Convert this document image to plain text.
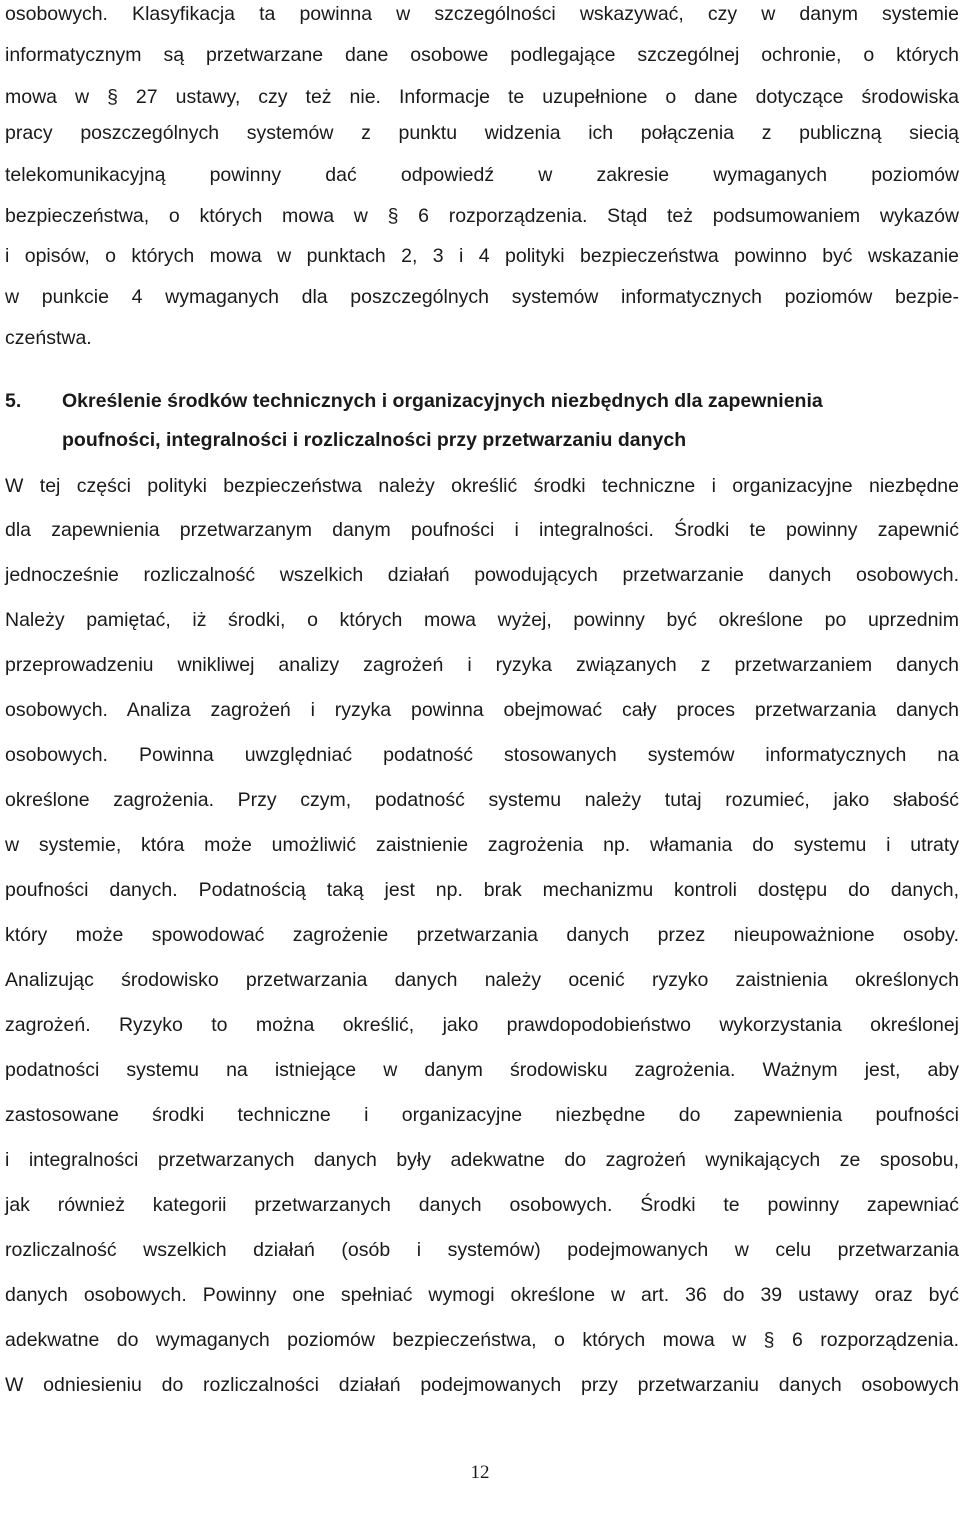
osobowych. Klasyfikacja ta powinna w szczególności wskazywać, czy w danym systemie

informatycznym są przetwarzane dane osobowe podlegające szczególnej ochronie, o których

mowa w § 27 ustawy, czy też nie. Informacje te uzupełnione o dane dotyczące środowiska

pracy poszczególnych systemów z punktu widzenia ich połączenia z publiczną siecią

telekomunikacyjną powinny dać odpowiedź w zakresie wymaganych poziomów

bezpieczeństwa, o których mowa w § 6 rozporządzenia. Stąd też podsumowaniem wykazów

i opisów, o których mowa w punktach 2, 3 i 4 polityki bezpieczeństwa powinno być wskazanie

w punkcie 4 wymaganych dla poszczególnych systemów informatycznych poziomów bezpie-

czeństwa.

5. Określenie środków technicznych i organizacyjnych niezbędnych dla zapewnienia

poufności, integralności i rozliczalności przy przetwarzaniu danych

W tej części polityki bezpieczeństwa należy określić środki techniczne i organizacyjne niezbędne

dla zapewnienia przetwarzanym danym poufności i integralności. Środki te powinny zapewnić

jednocześnie rozliczalność wszelkich działań powodujących przetwarzanie danych osobowych.

Należy pamiętać, iż środki, o których mowa wyżej, powinny być określone po uprzednim

przeprowadzeniu wnikliwej analizy zagrożeń i ryzyka związanych z przetwarzaniem danych

osobowych. Analiza zagrożeń i ryzyka powinna obejmować cały proces przetwarzania danych

osobowych. Powinna uwzględniać podatność stosowanych systemów informatycznych na

określone zagrożenia. Przy czym, podatność systemu należy tutaj rozumieć, jako słabość

w systemie, która może umożliwić zaistnienie zagrożenia np. włamania do systemu i utraty

poufności danych. Podatnością taką jest np. brak mechanizmu kontroli dostępu do danych,

który może spowodować zagrożenie przetwarzania danych przez nieupoważnione osoby.

Analizując środowisko przetwarzania danych należy ocenić ryzyko zaistnienia określonych

zagrożeń. Ryzyko to można określić, jako prawdopodobieństwo wykorzystania określonej

podatności systemu na istniejące w danym środowisku zagrożenia. Ważnym jest, aby

zastosowane środki techniczne i organizacyjne niezbędne do zapewnienia poufności

i integralności przetwarzanych danych były adekwatne do zagrożeń wynikających ze sposobu,

jak również kategorii przetwarzanych danych osobowych. Środki te powinny zapewniać

rozliczalność wszelkich działań (osób i systemów) podejmowanych w celu przetwarzania

danych osobowych. Powinny one spełniać wymogi określone w art. 36 do 39 ustawy oraz być

adekwatne do wymaganych poziomów bezpieczeństwa, o których mowa w § 6 rozporządzenia.

W odniesieniu do rozliczalności działań podejmowanych przy przetwarzaniu danych osobowych

12
